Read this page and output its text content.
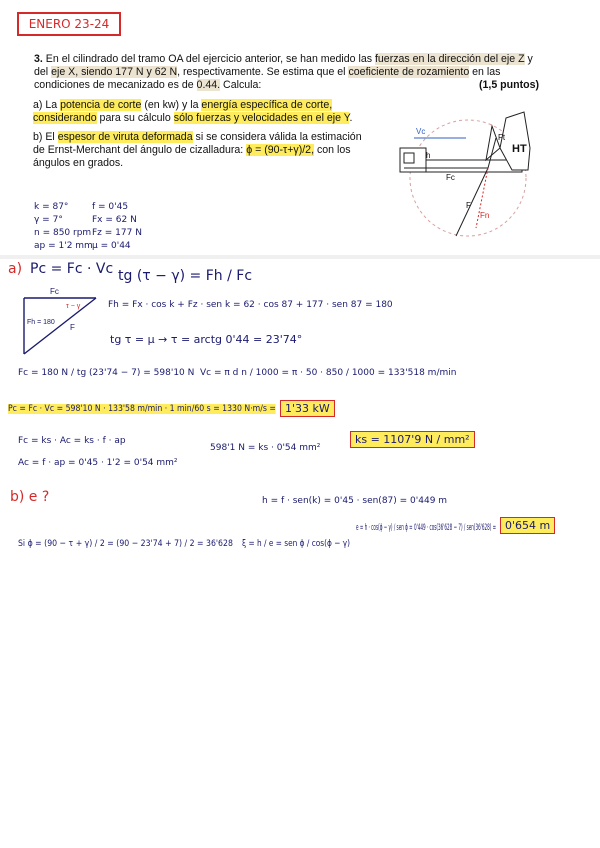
ENERO 23-24

3. En el cilindrado del tramo OA del ejercicio anterior, se han medido las fuerzas en la dirección del eje Z y del eje X, siendo 177 N y 62 N, respectivamente. Se estima que el coeficiente de rozamiento en las condiciones de mecanizado es de 0.44. Calcula:	(1,5 puntos)

a) La potencia de corte (en kw) y la energía específica de corte,
considerando para su cálculo sólo fuerzas y velocidades en el eje Y.
b) El espesor de viruta deformada si se considera válida la estimación
de Ernst-Merchant del ángulo de cizalladura: ϕ = (90-τ+γ)/2, con los
ángulos en grados.
Vc
HT
h
Fc
F
Fn
Ft
k = 87°
γ = 7°
n = 850 rpm
ap = 1'2 mm
f = 0'45
Fx = 62 N
Fz = 177 N
μ = 0'44
a) Pc = Fc · Vc tg (τ − γ) = Fh / Fc
Fc
τ − γ
Fh = 180
F
Fh = Fx · cos k + Fz · sen k = 62 · cos 87 + 177 · sen 87 = 180
tg τ = μ → τ = arctg 0'44 = 23'74°
Fc = 180 N / tg (23'74 − 7) = 598'10 N Vc = π d n / 1000 = π · 50 · 850 / 1000 = 133'518 m/min
Pc = Fc · Vc = 598'10 N · 133'58 m/min · 1 min/60 s = 1330 N·m/s = 1'33 kW
Fc = ks · Ac = ks · f · ap
598'1 N = ks · 0'54 mm²
ks = 1107'9 N / mm²
Ac = f · ap = 0'45 · 1'2 = 0'54 mm²
b) e ?	h = f · sen(k) = 0'45 · sen(87) = 0'449 m
Si ϕ = (90 − τ + γ) / 2 = (90 − 23'74 + 7) / 2 = 36'628 ξ = h / e = sen ϕ / cos(ϕ − γ)
e = h · cos(ϕ − γ) / sen ϕ = 0'449 · cos(36'628 − 7) / sen(36'628) = 0'654 m
